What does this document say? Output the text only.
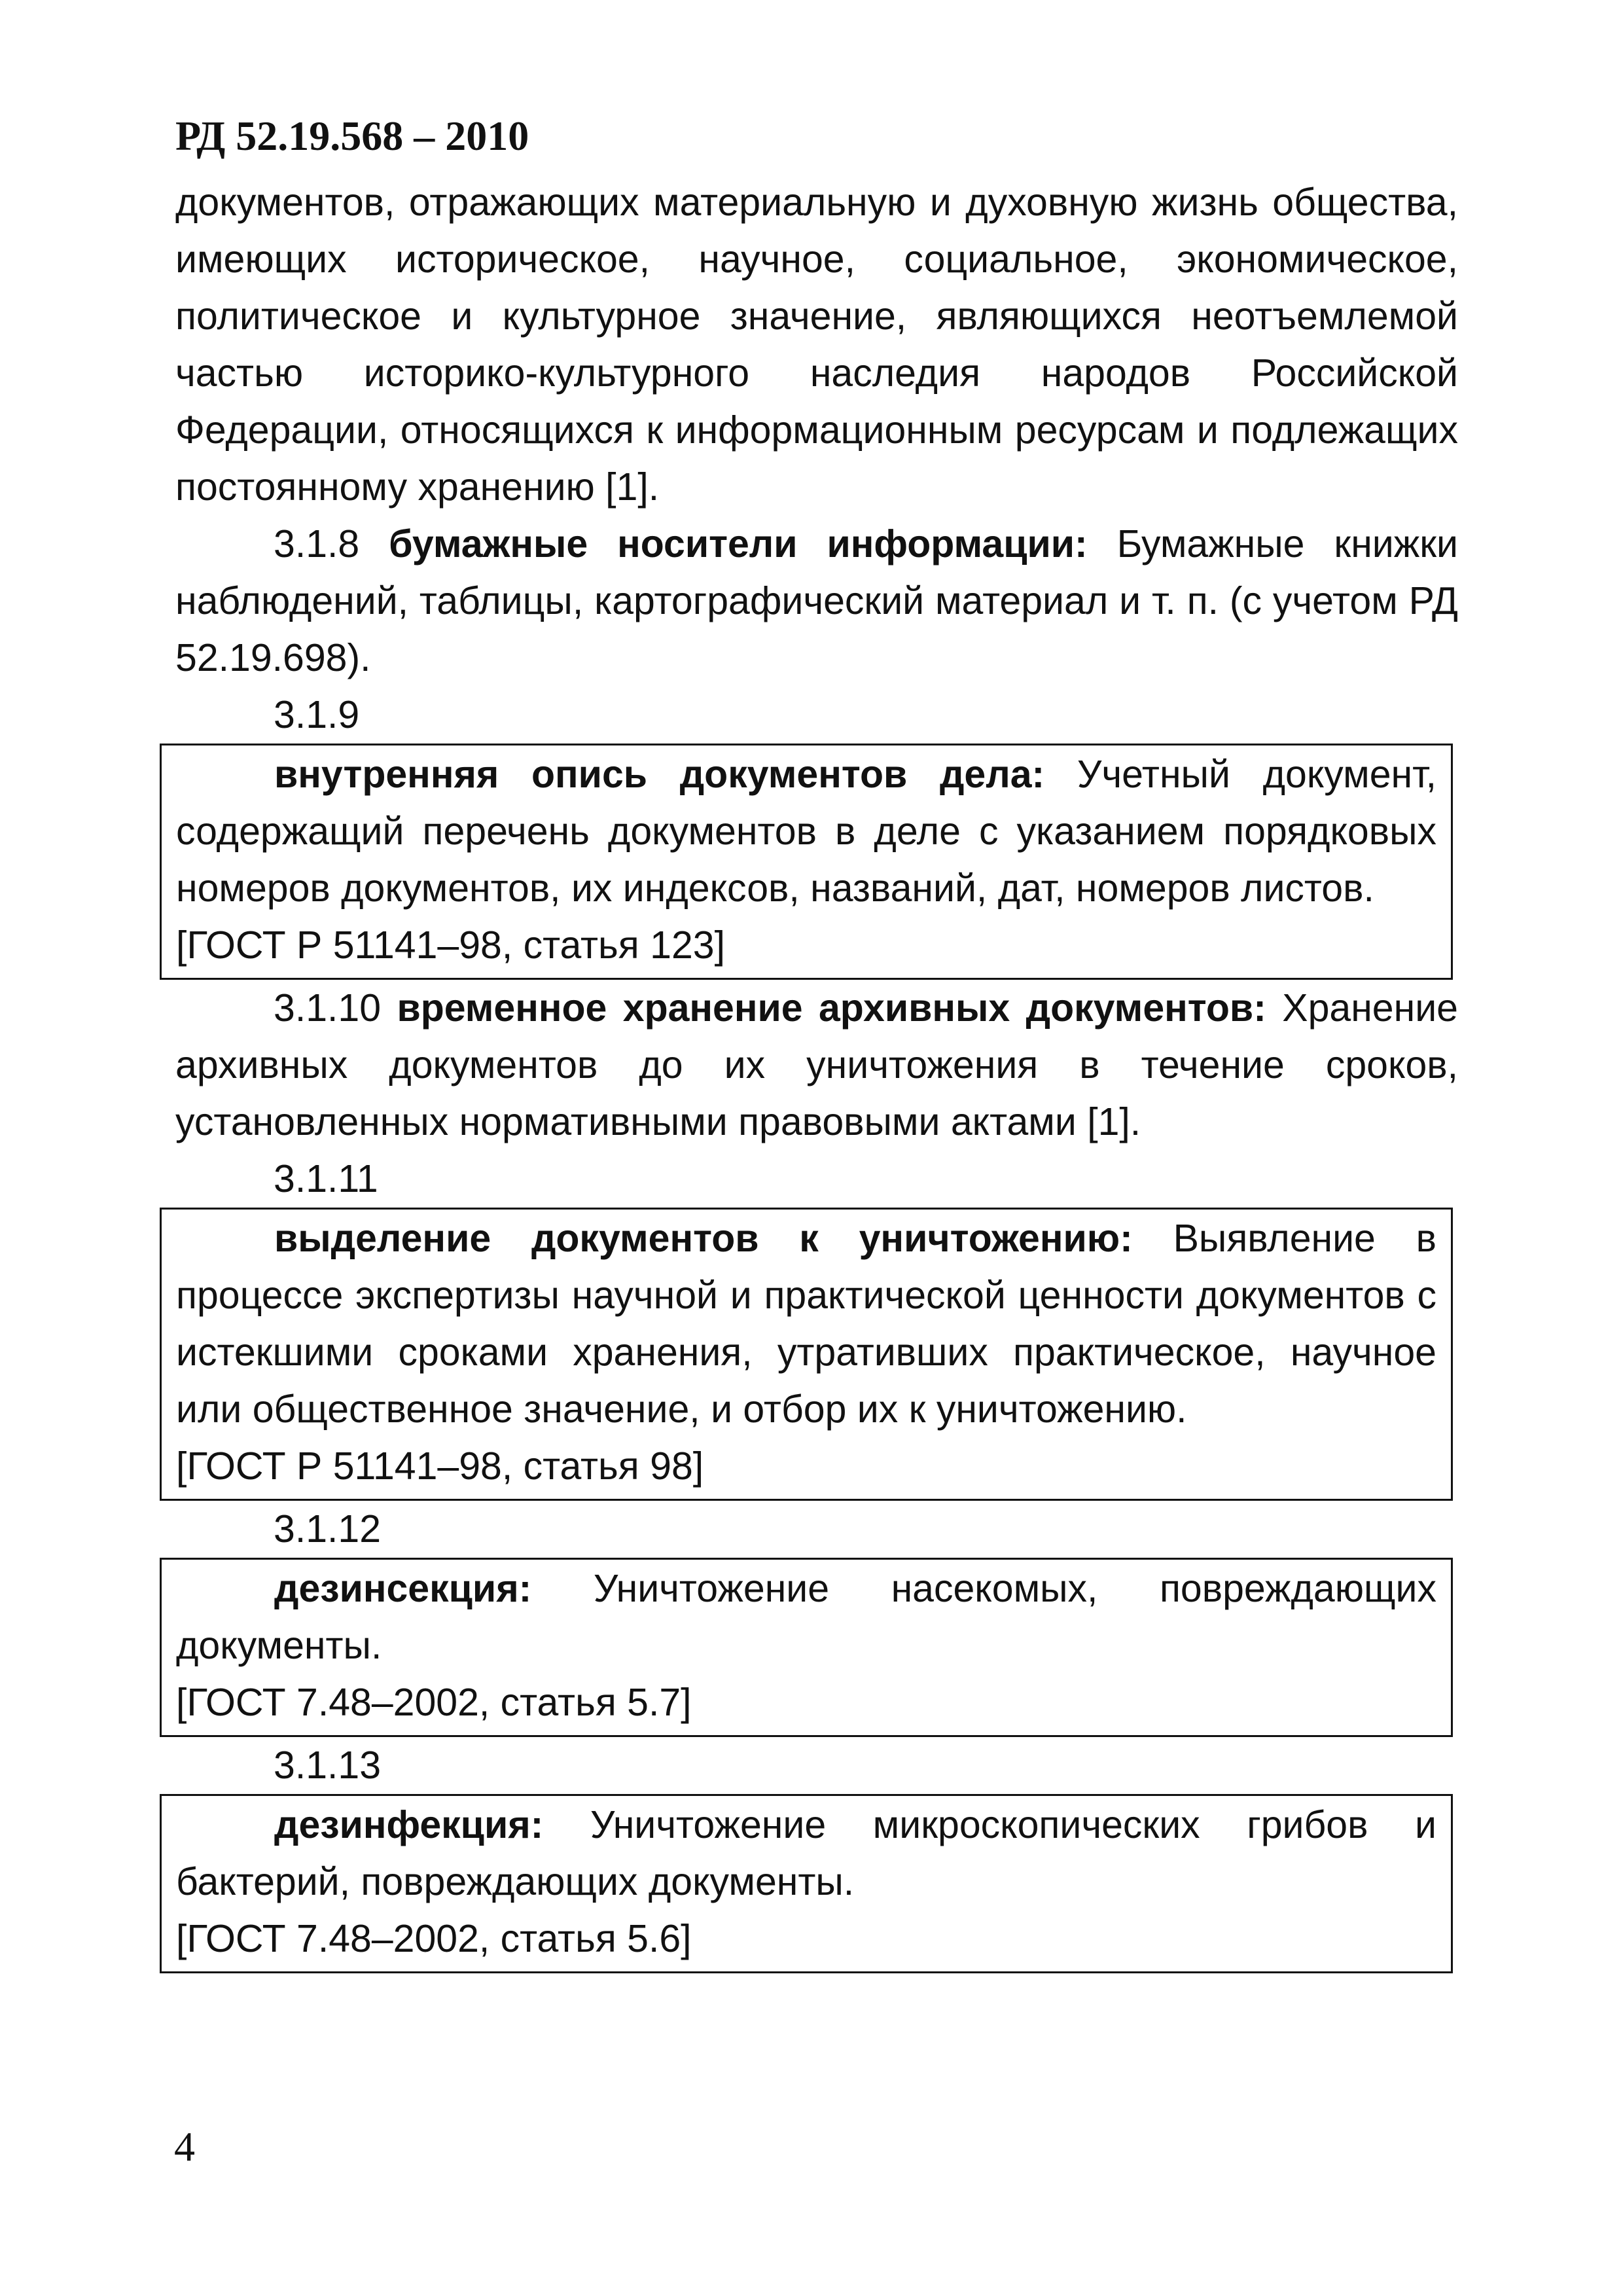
РД 52.19.568 – 2010

документов, отражающих материальную и духовную жизнь общества, имеющих историческое, научное, социальное, экономическое, политическое и культурное значение, являющихся неотъемлемой частью историко-культурного наследия народов Российской Федерации, относящихся к информационным ресурсам и подлежащих постоянному хранению [1].

3.1.8 бумажные носители информации: Бумажные книжки наблюдений, таблицы, картографический материал и т. п. (с учетом РД 52.19.698).

3.1.9

внутренняя опись документов дела: Учетный документ, содержащий перечень документов в деле с указанием порядковых номеров документов, их индексов, названий, дат, номеров листов.

[ГОСТ Р 51141–98, статья 123]

3.1.10 временное хранение архивных документов: Хранение архивных документов до их уничтожения в течение сроков, установленных нормативными правовыми актами [1].

3.1.11

выделение документов к уничтожению: Выявление в процессе экспертизы научной и практической ценности документов с истекшими сроками хранения, утративших практическое, научное или общественное значение, и отбор их к уничтожению.

[ГОСТ Р 51141–98, статья 98]

3.1.12

дезинсекция: Уничтожение насекомых, повреждающих документы.

[ГОСТ 7.48–2002, статья 5.7]

3.1.13

дезинфекция: Уничтожение микроскопических грибов и бактерий, повреждающих документы.

[ГОСТ 7.48–2002, статья 5.6]

4
